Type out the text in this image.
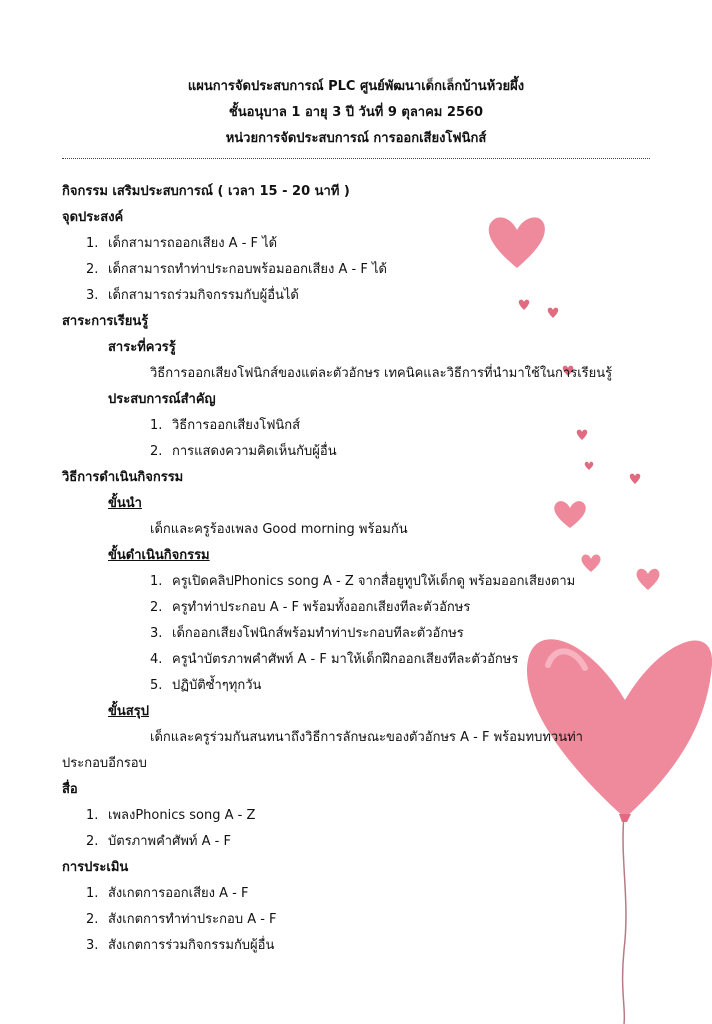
แผนการจัดประสบการณ์ PLC ศูนย์พัฒนาเด็กเล็กบ้านห้วยผึ้ง
ชั้นอนุบาล 1 อายุ 3 ปี วันที่ 9 ตุลาคม 2560
หน่วยการจัดประสบการณ์ การออกเสียงโฟนิกส์
กิจกรรม เสริมประสบการณ์ ( เวลา 15 - 20 นาที )
จุดประสงค์
1. เด็กสามารถออกเสียง A - F ได้
2. เด็กสามารถทำท่าประกอบพร้อมออกเสียง A - F ได้
3. เด็กสามารถร่วมกิจกรรมกับผู้อื่นได้
สาระการเรียนรู้
สาระที่ควรรู้
วิธีการออกเสียงโฟนิกส์ของแต่ละตัวอักษร เทคนิคและวิธีการที่นำมาใช้ในการเรียนรู้
ประสบการณ์สำคัญ
1. วิธีการออกเสียงโฟนิกส์
2. การแสดงความคิดเห็นกับผู้อื่น
วิธีการดำเนินกิจกรรม
ขั้นนำ
เด็กและครูร้องเพลง Good morning พร้อมกัน
ขั้นดำเนินกิจกรรม
1. ครูเปิดคลิปPhonics song A - Z จากสื่อยูทูปให้เด็กดู พร้อมออกเสียงตาม
2. ครูทำท่าประกอบ A - F พร้อมทั้งออกเสียงทีละตัวอักษร
3. เด็กออกเสียงโฟนิกส์พร้อมทำท่าประกอบทีละตัวอักษร
4. ครูนำบัตรภาพคำศัพท์ A - F มาให้เด็กฝึกออกเสียงทีละตัวอักษร
5. ปฏิบัติซ้ำๆทุกวัน
ขั้นสรุป
เด็กและครูร่วมกันสนทนาถึงวิธีการลักษณะของตัวอักษร A - F พร้อมทบทวนท่า
ประกอบอีกรอบ
สื่อ
1. เพลงPhonics song A - Z
2. บัตรภาพคำศัพท์ A - F
การประเมิน
1. สังเกตการออกเสียง A - F
2. สังเกตการทำท่าประกอบ A - F
3. สังเกตการร่วมกิจกรรมกับผู้อื่น
